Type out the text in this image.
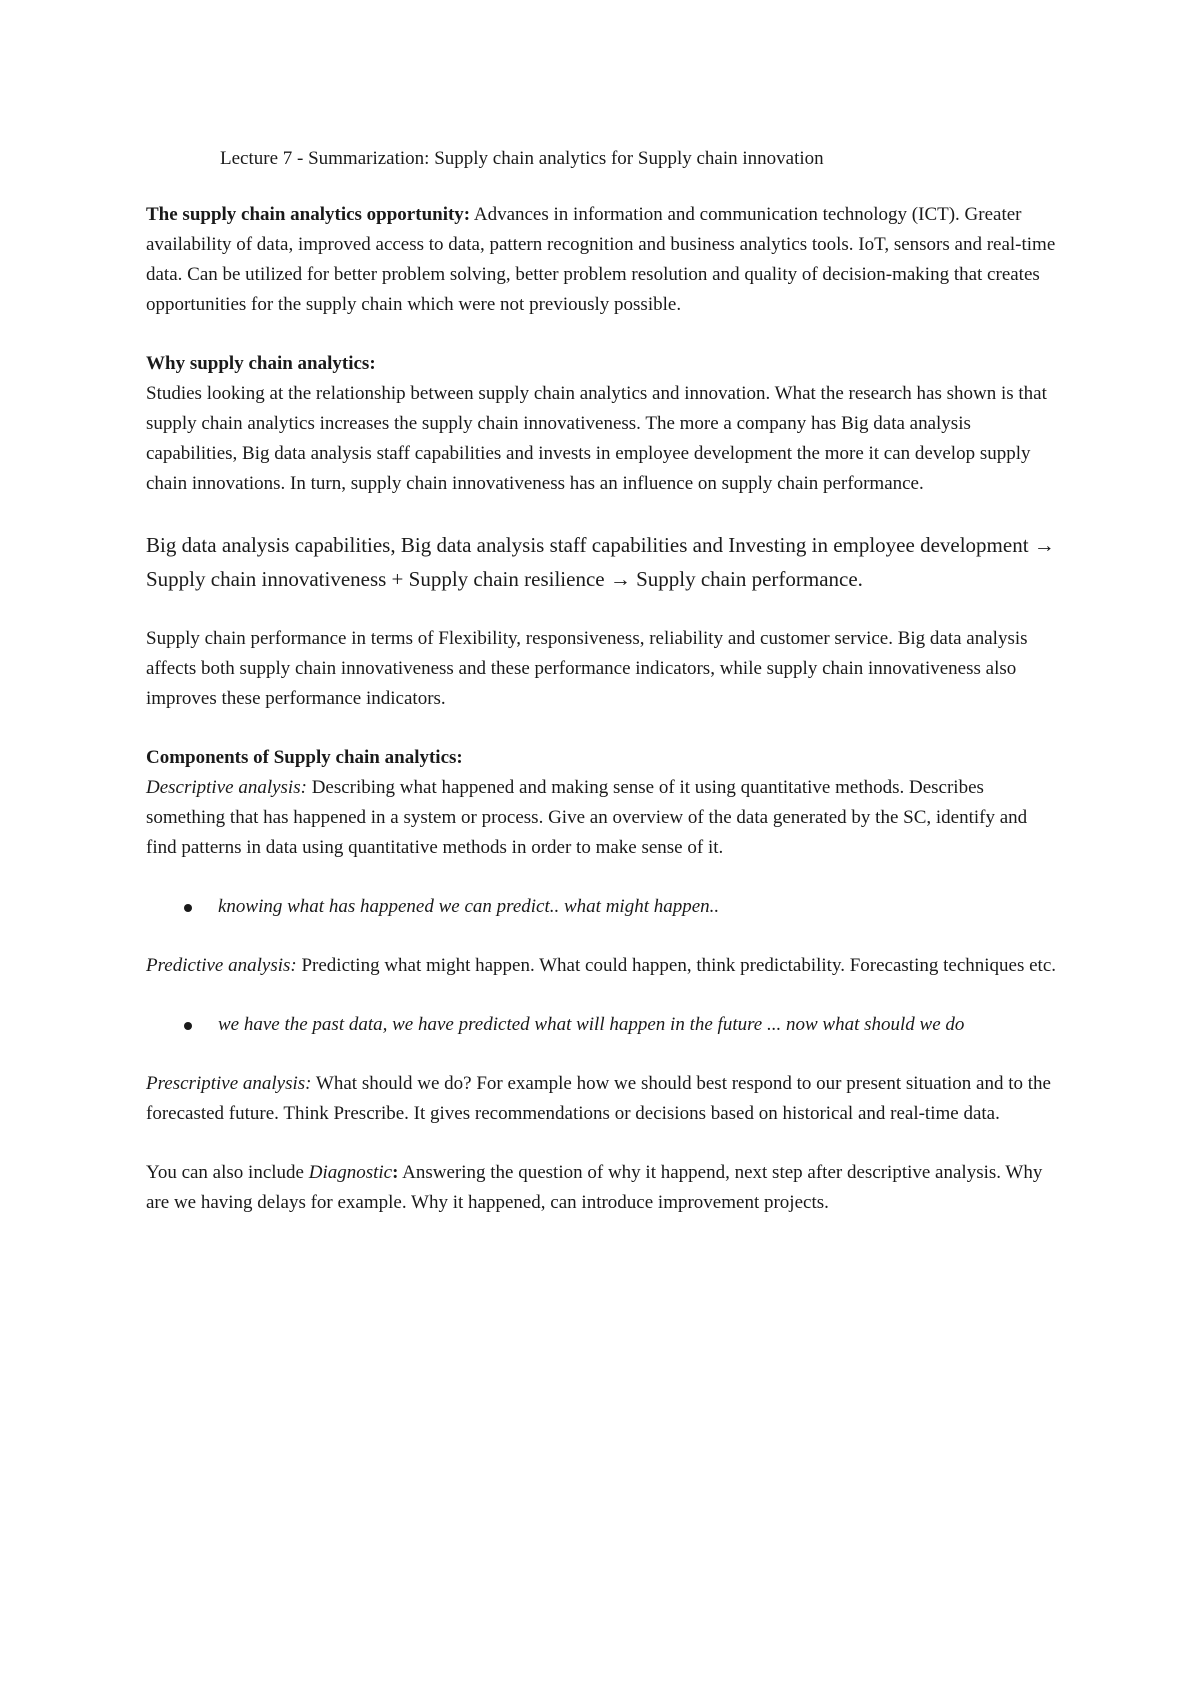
Lecture 7 - Summarization: Supply chain analytics for Supply chain innovation

The supply chain analytics opportunity: Advances in information and communication technology (ICT). Greater availability of data, improved access to data, pattern recognition and business analytics tools. IoT, sensors and real-time data. Can be utilized for better problem solving, better problem resolution and quality of decision-making that creates opportunities for the supply chain which were not previously possible.

Why supply chain analytics:
Studies looking at the relationship between supply chain analytics and innovation. What the research has shown is that supply chain analytics increases the supply chain innovativeness. The more a company has Big data analysis capabilities, Big data analysis staff capabilities and invests in employee development the more it can develop supply chain innovations. In turn, supply chain innovativeness has an influence on supply chain performance.

Big data analysis capabilities, Big data analysis staff capabilities and Investing in employee development → Supply chain innovativeness + Supply chain resilience → Supply chain performance.

Supply chain performance in terms of Flexibility, responsiveness, reliability and customer service. Big data analysis affects both supply chain innovativeness and these performance indicators, while supply chain innovativeness also improves these performance indicators.

Components of Supply chain analytics:
Descriptive analysis: Describing what happened and making sense of it using quantitative methods. Describes something that has happened in a system or process. Give an overview of the data generated by the SC, identify and find patterns in data using quantitative methods in order to make sense of it.

knowing what has happened we can predict.. what might happen..

Predictive analysis: Predicting what might happen. What could happen, think predictability. Forecasting techniques etc.

we have the past data, we have predicted what will happen in the future ... now what should we do

Prescriptive analysis: What should we do? For example how we should best respond to our present situation and to the forecasted future. Think Prescribe. It gives recommendations or decisions based on historical and real-time data.

You can also include Diagnostic: Answering the question of why it happend, next step after descriptive analysis. Why are we having delays for example. Why it happened, can introduce improvement projects.
